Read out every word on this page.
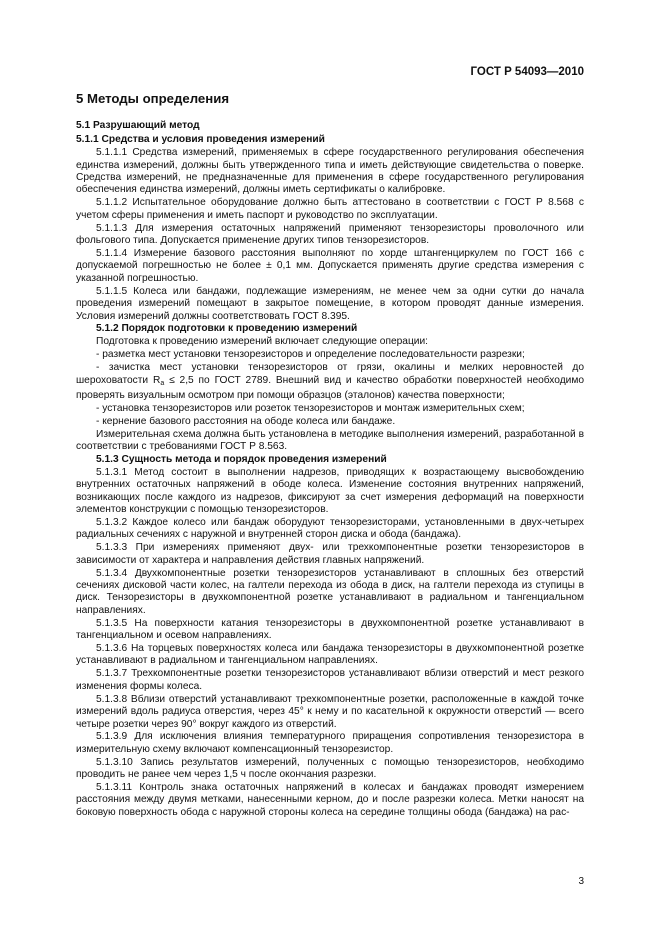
ГОСТ Р 54093—2010
5 Методы определения
5.1 Разрушающий метод
5.1.1 Средства и условия проведения измерений
5.1.1.1 Средства измерений, применяемых в сфере государственного регулирования обеспечения единства измерений, должны быть утвержденного типа и иметь действующие свидетельства о поверке. Средства измерений, не предназначенные для применения в сфере государственного регулирования обеспечения единства измерений, должны иметь сертификаты о калибровке.
5.1.1.2 Испытательное оборудование должно быть аттестовано в соответствии с ГОСТ Р 8.568 с учетом сферы применения и иметь паспорт и руководство по эксплуатации.
5.1.1.3 Для измерения остаточных напряжений применяют тензорезисторы проволочного или фольгового типа. Допускается применение других типов тензорезисторов.
5.1.1.4 Измерение базового расстояния выполняют по хорде штангенциркулем по ГОСТ 166 с допускаемой погрешностью не более ± 0,1 мм. Допускается применять другие средства измерения с указанной погрешностью.
5.1.1.5 Колеса или бандажи, подлежащие измерениям, не менее чем за одни сутки до начала проведения измерений помещают в закрытое помещение, в котором проводят данные измерения. Условия измерений должны соответствовать ГОСТ 8.395.
5.1.2 Порядок подготовки к проведению измерений
Подготовка к проведению измерений включает следующие операции:
- разметка мест установки тензорезисторов и определение последовательности разрезки;
- зачистка мест установки тензорезисторов от грязи, окалины и мелких неровностей до шероховатости $R_a \le 2,5$ по ГОСТ 2789. Внешний вид и качество обработки поверхностей необходимо проверять визуальным осмотром при помощи образцов (эталонов) качества поверхности;
- установка тензорезисторов или розеток тензорезисторов и монтаж измерительных схем;
- кернение базового расстояния на ободе колеса или бандаже.
Измерительная схема должна быть установлена в методике выполнения измерений, разработанной в соответствии с требованиями ГОСТ Р 8.563.
5.1.3 Сущность метода и порядок проведения измерений
5.1.3.1 Метод состоит в выполнении надрезов, приводящих к возрастающему высвобождению внутренних остаточных напряжений в ободе колеса. Изменение состояния внутренних напряжений, возникающих после каждого из надрезов, фиксируют за счет измерения деформаций на поверхности элементов конструкции с помощью тензорезисторов.
5.1.3.2 Каждое колесо или бандаж оборудуют тензорезисторами, установленными в двух-четырех радиальных сечениях с наружной и внутренней сторон диска и обода (бандажа).
5.1.3.3 При измерениях применяют двух- или трехкомпонентные розетки тензорезисторов в зависимости от характера и направления действия главных напряжений.
5.1.3.4 Двухкомпонентные розетки тензорезисторов устанавливают в сплошных без отверстий сечениях дисковой части колес, на галтели перехода из обода в диск, на галтели перехода из ступицы в диск. Тензорезисторы в двухкомпонентной розетке устанавливают в радиальном и тангенциальном направлениях.
5.1.3.5 На поверхности катания тензорезисторы в двухкомпонентной розетке устанавливают в тангенциальном и осевом направлениях.
5.1.3.6 На торцевых поверхностях колеса или бандажа тензорезисторы в двухкомпонентной розетке устанавливают в радиальном и тангенциальном направлениях.
5.1.3.7 Трехкомпонентные розетки тензорезисторов устанавливают вблизи отверстий и мест резкого изменения формы колеса.
5.1.3.8 Вблизи отверстий устанавливают трехкомпонентные розетки, расположенные в каждой точке измерений вдоль радиуса отверстия, через 45° к нему и по касательной к окружности отверстий — всего четыре розетки через 90° вокруг каждого из отверстий.
5.1.3.9 Для исключения влияния температурного приращения сопротивления тензорезистора в измерительную схему включают компенсационный тензорезистор.
5.1.3.10 Запись результатов измерений, полученных с помощью тензорезисторов, необходимо проводить не ранее чем через 1,5 ч после окончания разрезки.
5.1.3.11 Контроль знака остаточных напряжений в колесах и бандажах проводят измерением расстояния между двумя метками, нанесенными керном, до и после разрезки колеса. Метки наносят на боковую поверхность обода с наружной стороны колеса на середине толщины обода (бандажа) на рас-
3
